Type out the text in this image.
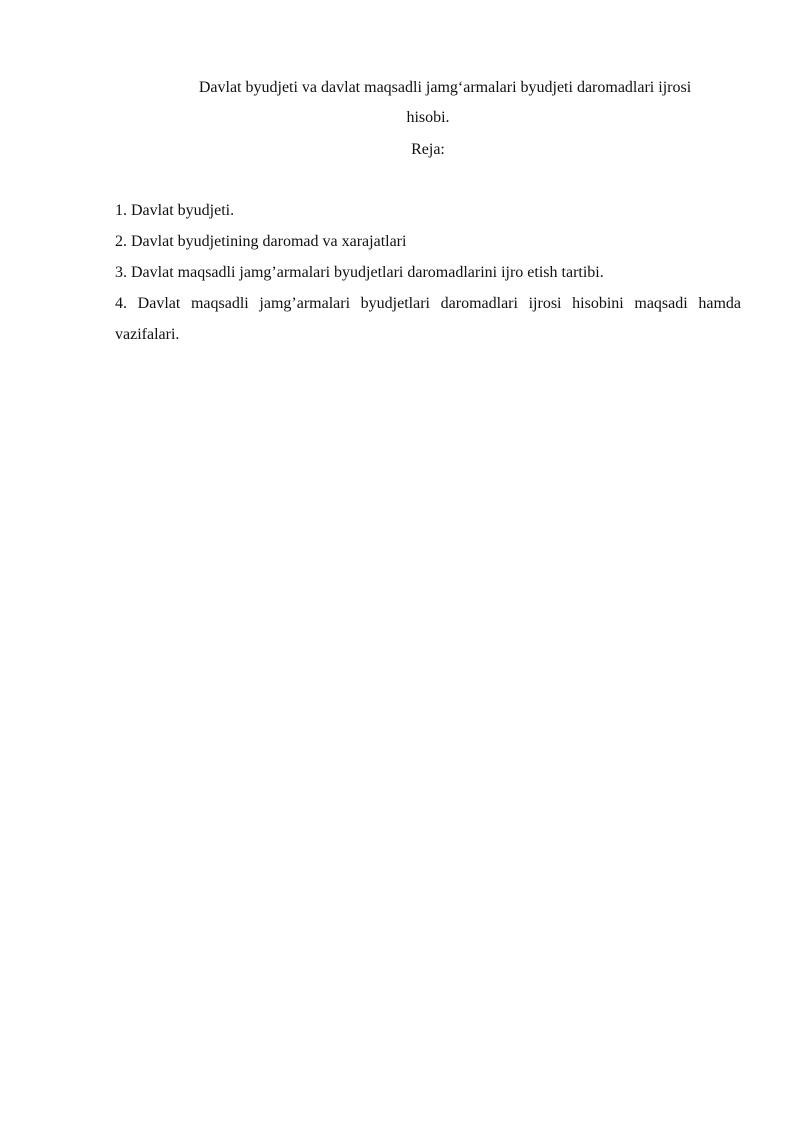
Davlat byudjeti va davlat maqsadli jamg‘armalari byudjeti daromadlari ijrosi
hisobi.

Reja:

1. Davlat byudjeti.
2. Davlat byudjetining daromad va xarajatlari
3. Davlat maqsadli jamg’armalari byudjetlari daromadlarini ijro etish tartibi.
4. Davlat maqsadli jamg’armalari byudjetlari daromadlari ijrosi hisobini maqsadi hamda vazifalari.
